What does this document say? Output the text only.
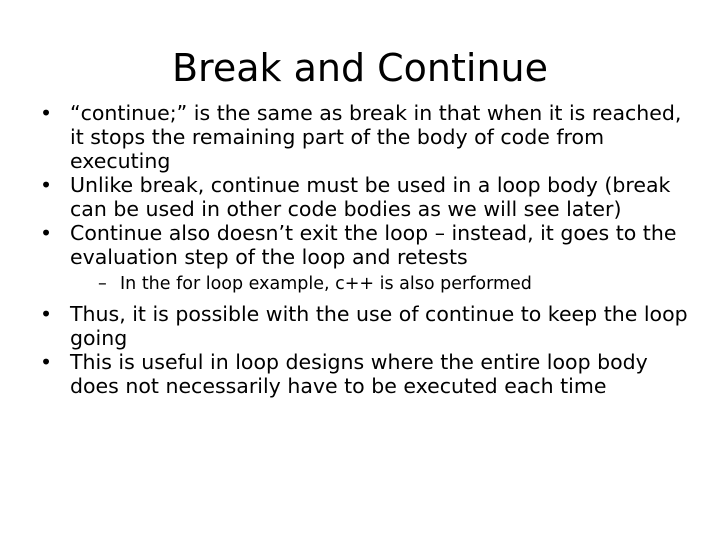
Break and Continue
• “continue;” is the same as break in that when it is reached, it stops the remaining part of the body of code from executing
• Unlike break, continue must be used in a loop body (break can be used in other code bodies as we will see later)
• Continue also doesn’t exit the loop – instead, it goes to the evaluation step of the loop and retests
– In the for loop example, c++ is also performed
• Thus, it is possible with the use of continue to keep the loop going
• This is useful in loop designs where the entire loop body does not necessarily have to be executed each time
